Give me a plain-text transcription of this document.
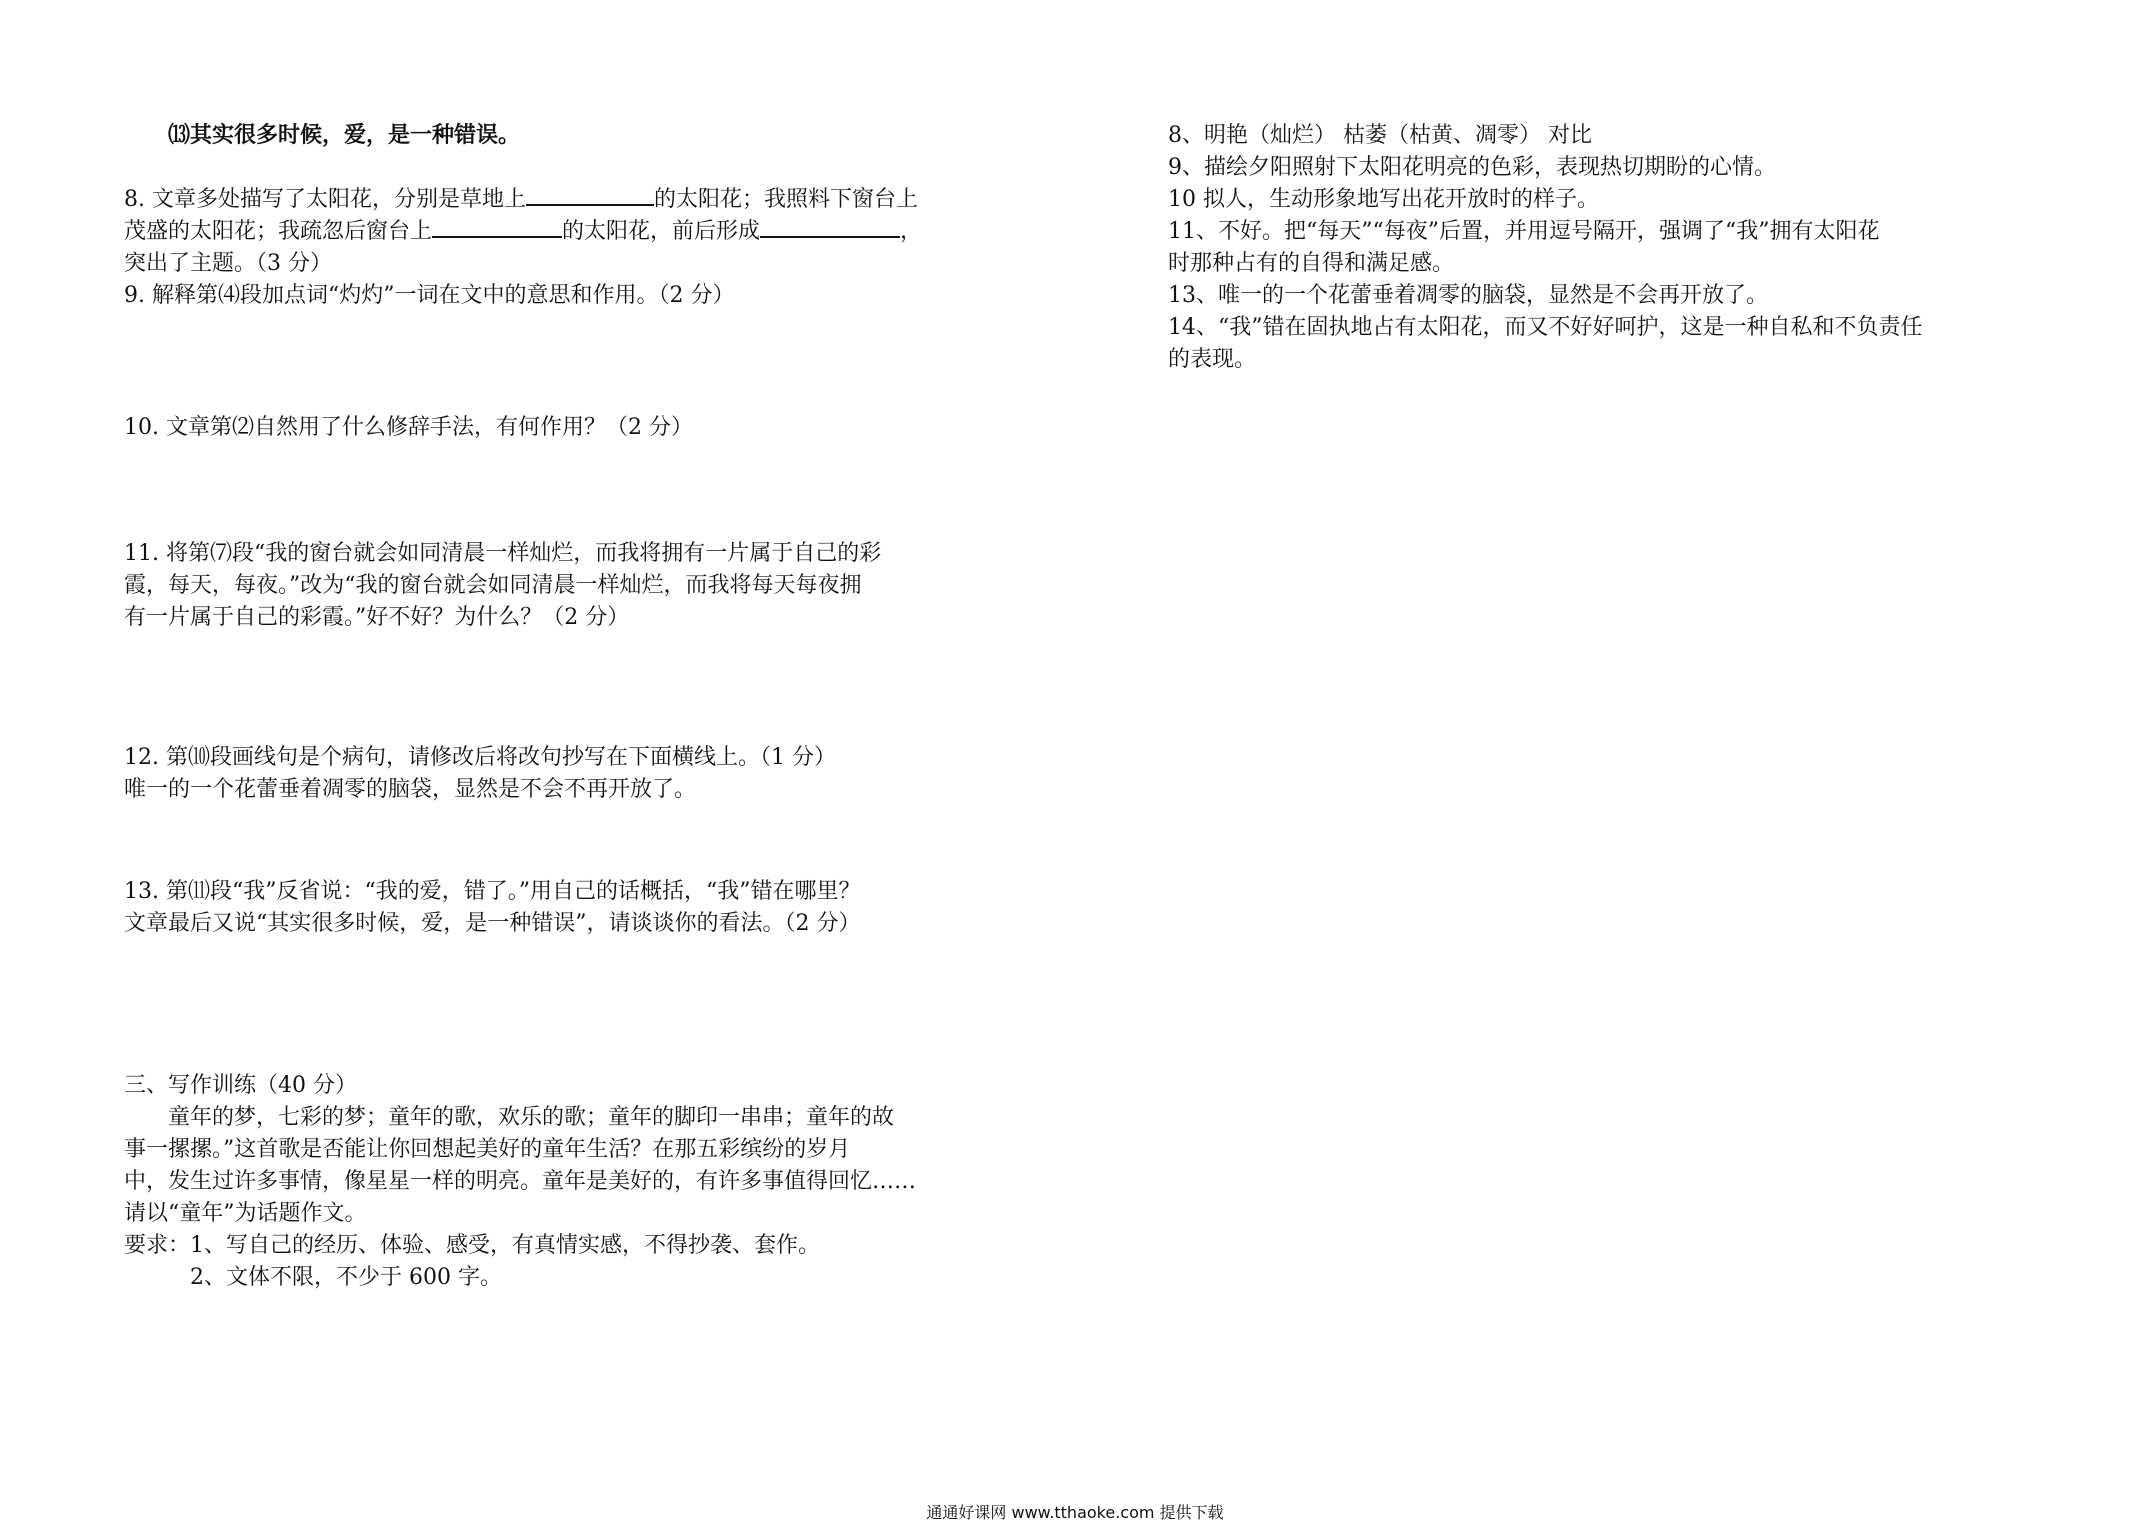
⒀其实很多时候，爱，是一种错误。
8. 文章多处描写了太阳花，分别是草地上	的太阳花；我照料下窗台上
茂盛的太阳花；我疏忽后窗台上	的太阳花，前后形成	，
突出了主题。（3 分）
9. 解释第⑷段加点词“灼灼”一词在文中的意思和作用。（2 分）
10. 文章第⑵自然用了什么修辞手法，有何作用？（2 分）
11. 将第⑺段“我的窗台就会如同清晨一样灿烂，而我将拥有一片属于自己的彩
霞，每天，每夜。”改为“我的窗台就会如同清晨一样灿烂，而我将每天每夜拥
有一片属于自己的彩霞。”好不好？为什么？（2 分）
12. 第⑽段画线句是个病句，请修改后将改句抄写在下面横线上。（1 分）
唯一的一个花蕾垂着凋零的脑袋，显然是不会不再开放了。
13. 第⑾段“我”反省说：“我的爱，错了。”用自己的话概括，“我”错在哪里？
文章最后又说“其实很多时候，爱，是一种错误”，请谈谈你的看法。（2 分）
三、写作训练（40 分）
童年的梦，七彩的梦；童年的歌，欢乐的歌；童年的脚印一串串；童年的故
事一摞摞。”这首歌是否能让你回想起美好的童年生活？在那五彩缤纷的岁月
中，发生过许多事情，像星星一样的明亮。童年是美好的，有许多事值得回忆……
请以“童年”为话题作文。
要求：1、写自己的经历、体验、感受，有真情实感，不得抄袭、套作。
2、文体不限，不少于 600 字。
8、明艳（灿烂） 枯萎（枯黄、凋零） 对比
9、描绘夕阳照射下太阳花明亮的色彩，表现热切期盼的心情。
10 拟人，生动形象地写出花开放时的样子。
11、不好。把“每天”“每夜”后置，并用逗号隔开，强调了“我”拥有太阳花
时那种占有的自得和满足感。
13、唯一的一个花蕾垂着凋零的脑袋，显然是不会再开放了。
14、“我”错在固执地占有太阳花，而又不好好呵护，这是一种自私和不负责任
的表现。
通通好课网 www.tthaoke.com 提供下载
